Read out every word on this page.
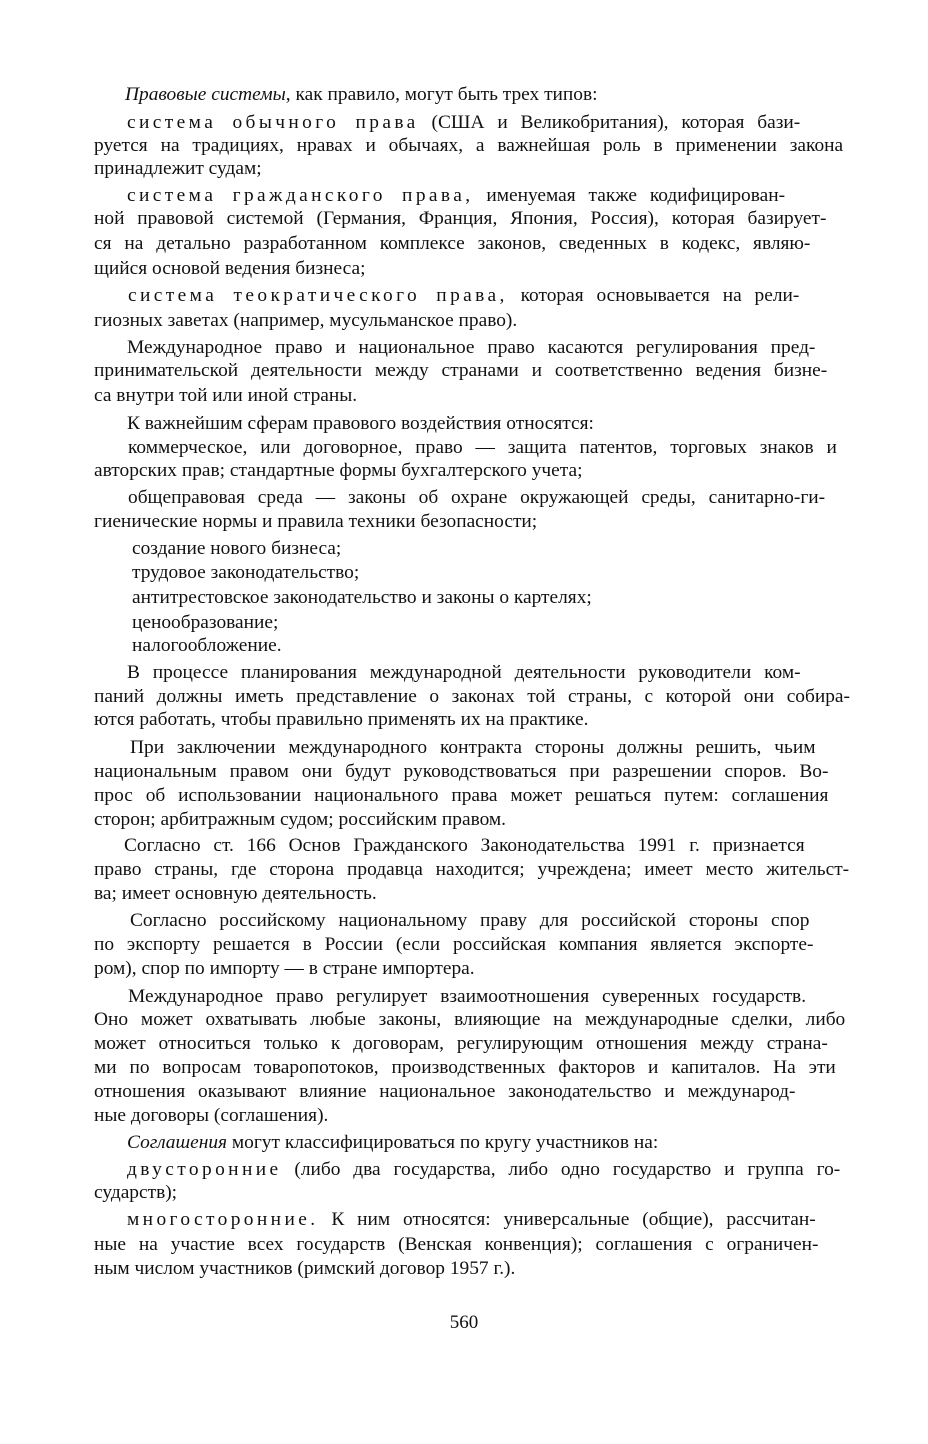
Правовые системы, как правило, могут быть трех типов:
система обычного права (США и Великобритания), которая бази-
руется на традициях, нравах и обычаях, а важнейшая роль в применении закона
принадлежит судам;
системa гражданского права, именуемая также кодифицирован-
ной правовой системой (Германия, Франция, Япония, Россия), которая базирует-
ся на детально разработанном комплексе законов, сведенных в кодекс, являю-
щийся основой ведения бизнеса;
система теократического права, которая основывается на рели-
гиозных заветах (например, мусульманское право).
Международное право и национальное право касаются регулирования пред-
принимательской деятельности между странами и соответственно ведения бизне-
са внутри той или иной страны.
К важнейшим сферам правового воздействия относятся:
коммерческое, или договорное, право — защита патентов, торговых знаков и
авторских прав; стандартные формы бухгалтерского учета;
общеправовая среда — законы об охране окружающей среды, санитарно-ги-
гиенические нормы и правила техники безопасности;
создание нового бизнеса;
трудовое законодательство;
антитрестовское законодательство и законы о картелях;
ценообразование;
налогообложение.
В процессе планирования международной деятельности руководители ком-
паний должны иметь представление о законах той страны, с которой они собира-
ются работать, чтобы правильно применять их на практике.
При заключении международного контракта стороны должны решить, чьим
национальным правом они будут руководствоваться при разрешении споров. Во-
прос об использовании национального права может решаться путем: соглашения
сторон; арбитражным судом; российским правом.
Согласно ст. 166 Основ Гражданского Законодательства 1991 г. признается
право страны, где сторона продавца находится; учреждена; имеет место жительст-
ва; имеет основную деятельность.
Согласно российскому национальному праву для российской стороны спор
по экспорту решается в России (если российская компания является экспорте-
ром), спор по импорту — в стране импортера.
Международное право регулирует взаимоотношения суверенных государств.
Оно может охватывать любые законы, влияющие на международные сделки, либо
может относиться только к договорам, регулирующим отношения между страна-
ми по вопросам товаропотоков, производственных факторов и капиталов. На эти
отношения оказывают влияние национальное законодательство и международ-
ные договоры (соглашения).
Соглашения могут классифицироваться по кругу участников на:
двусторонние (либо два государства, либо одно государство и группа го-
сударств);
многосторонние. К ним относятся: универсальные (общие), рассчитан-
ные на участие всех государств (Венская конвенция); соглашения с ограничен-
ным числом участников (римский договор 1957 г.).
560
